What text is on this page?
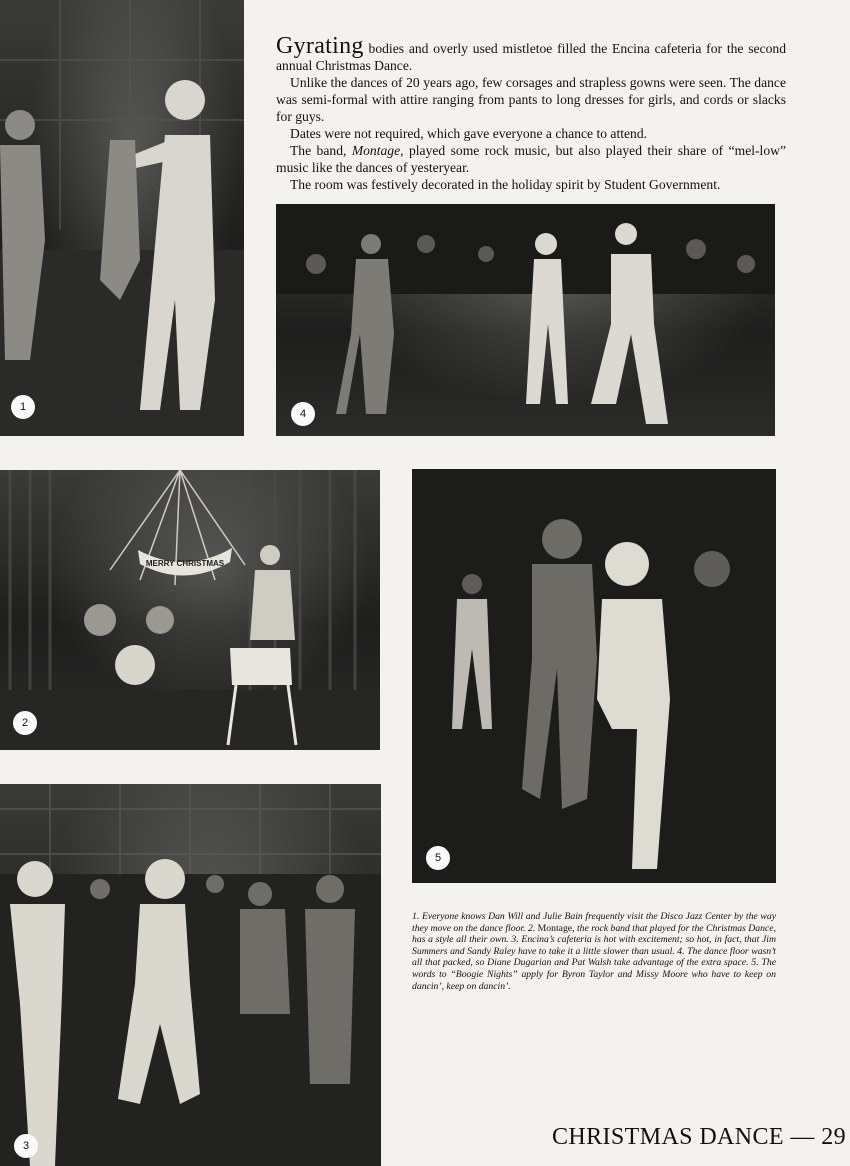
1

Gyrating bodies and overly used mistletoe filled the Encina cafeteria for the second annual Christmas Dance.

Unlike the dances of 20 years ago, few corsages and strapless gowns were seen. The dance was semi-formal with attire ranging from pants to long dresses for girls, and cords or slacks for guys.

Dates were not required, which gave everyone a chance to attend.

The band, Montage, played some rock music, but also played their share of “mel-low” music like the dances of yesteryear.

The room was festively decorated in the holiday spirit by Student Government.

4
MERRY CHRISTMAS
2
5
3
1. Everyone knows Dan Will and Julie Bain frequently visit the Disco Jazz Center by the way they move on the dance floor. 2. Montage, the rock band that played for the Christmas Dance, has a style all their own. 3. Encina’s cafeteria is hot with excitement; so hot, in fact, that Jim Summers and Sandy Raley have to take it a little slower than usual. 4. The dance floor wasn’t all that packed, so Diane Dugarian and Pat Walsh take advantage of the extra space. 5. The words to “Boogie Nights” apply for Byron Taylor and Missy Moore who have to keep on dancin’, keep on dancin’.
CHRISTMAS DANCE — 29
